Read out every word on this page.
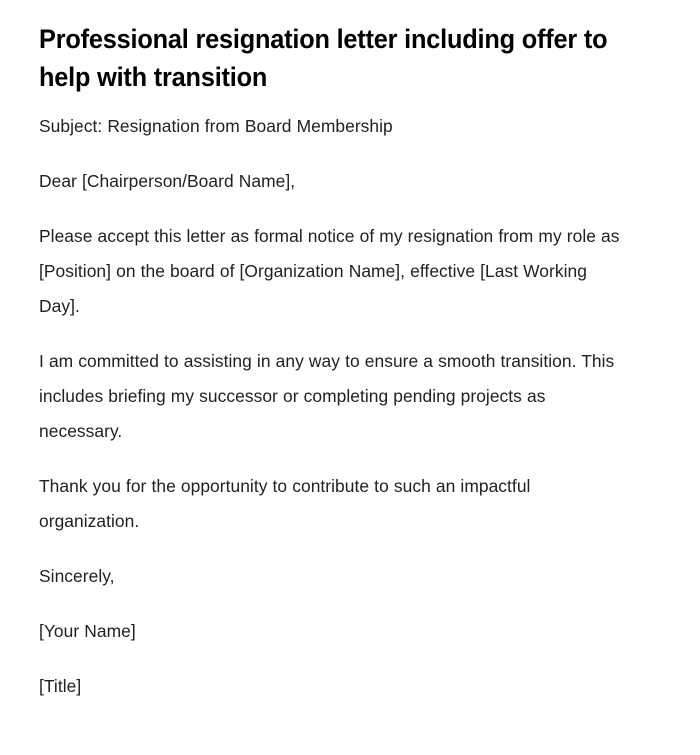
Professional resignation letter including offer to help with transition

Subject: Resignation from Board Membership

Dear [Chairperson/Board Name],

Please accept this letter as formal notice of my resignation from my role as [Position] on the board of [Organization Name], effective [Last Working Day].

I am committed to assisting in any way to ensure a smooth transition. This includes briefing my successor or completing pending projects as necessary.

Thank you for the opportunity to contribute to such an impactful organization.

Sincerely,

[Your Name]

[Title]
